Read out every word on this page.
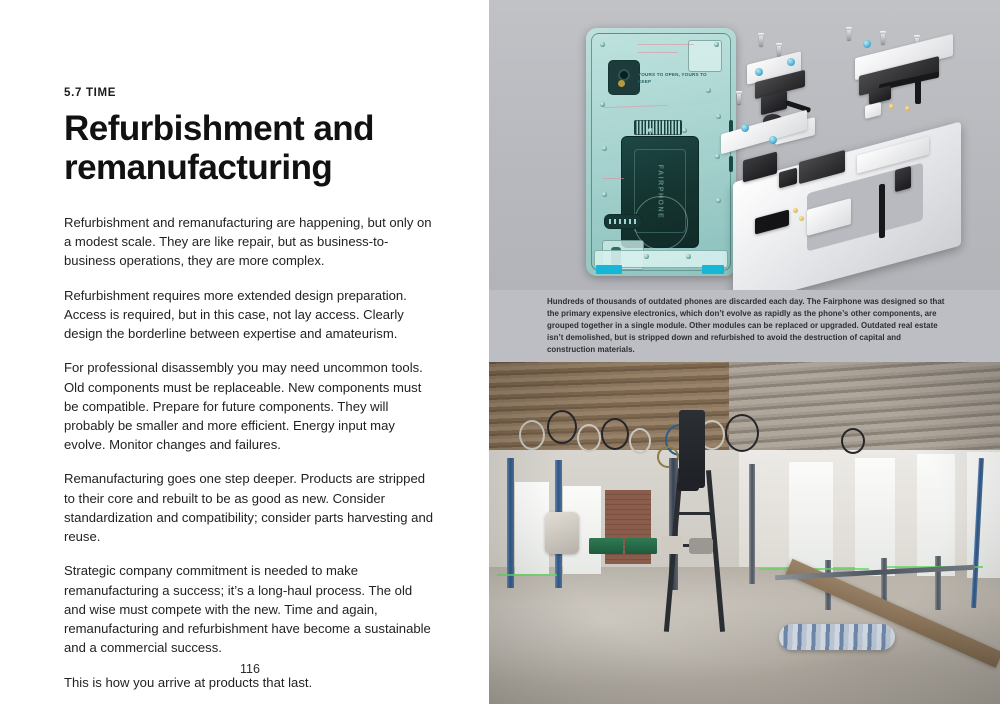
5.7 TIME
Refurbishment and
remanufacturing

Refurbishment and remanufacturing are happening, but only on a modest scale. They are like repair, but as business-to-business operations, they are more complex.

Refurbishment requires more extended design preparation. Access is required, but in this case, not lay access. Clearly design the borderline between expertise and amateurism.

For professional disassembly you may need uncommon tools. Old components must be replaceable. New components must be compatible. Prepare for future components. They will probably be smaller and more efficient. Energy input may evolve. Monitor changes and failures.

Remanufacturing goes one step deeper. Products are stripped to their core and rebuilt to be as good as new. Consider standardization and compatibility; consider parts harvesting and reuse.

Strategic company commitment is needed to make remanufacturing a success; it’s a long-haul process. The old and wise must compete with the new. Time and again, remanufacturing and refurbishment have become a sustainable and a commercial success.

This is how you arrive at products that last.

116
YOURS TO OPEN, YOURS TO KEEP
FAIRPHONE
Hundreds of thousands of outdated phones are discarded each day. The Fairphone was designed so that the primary expensive electronics, which don’t evolve as rapidly as the phone’s other components, are grouped together in a single module. Other modules can be replaced or upgraded. Outdated real estate isn’t demolished, but is stripped down and refurbished to avoid the destruction of capital and construction materials.
